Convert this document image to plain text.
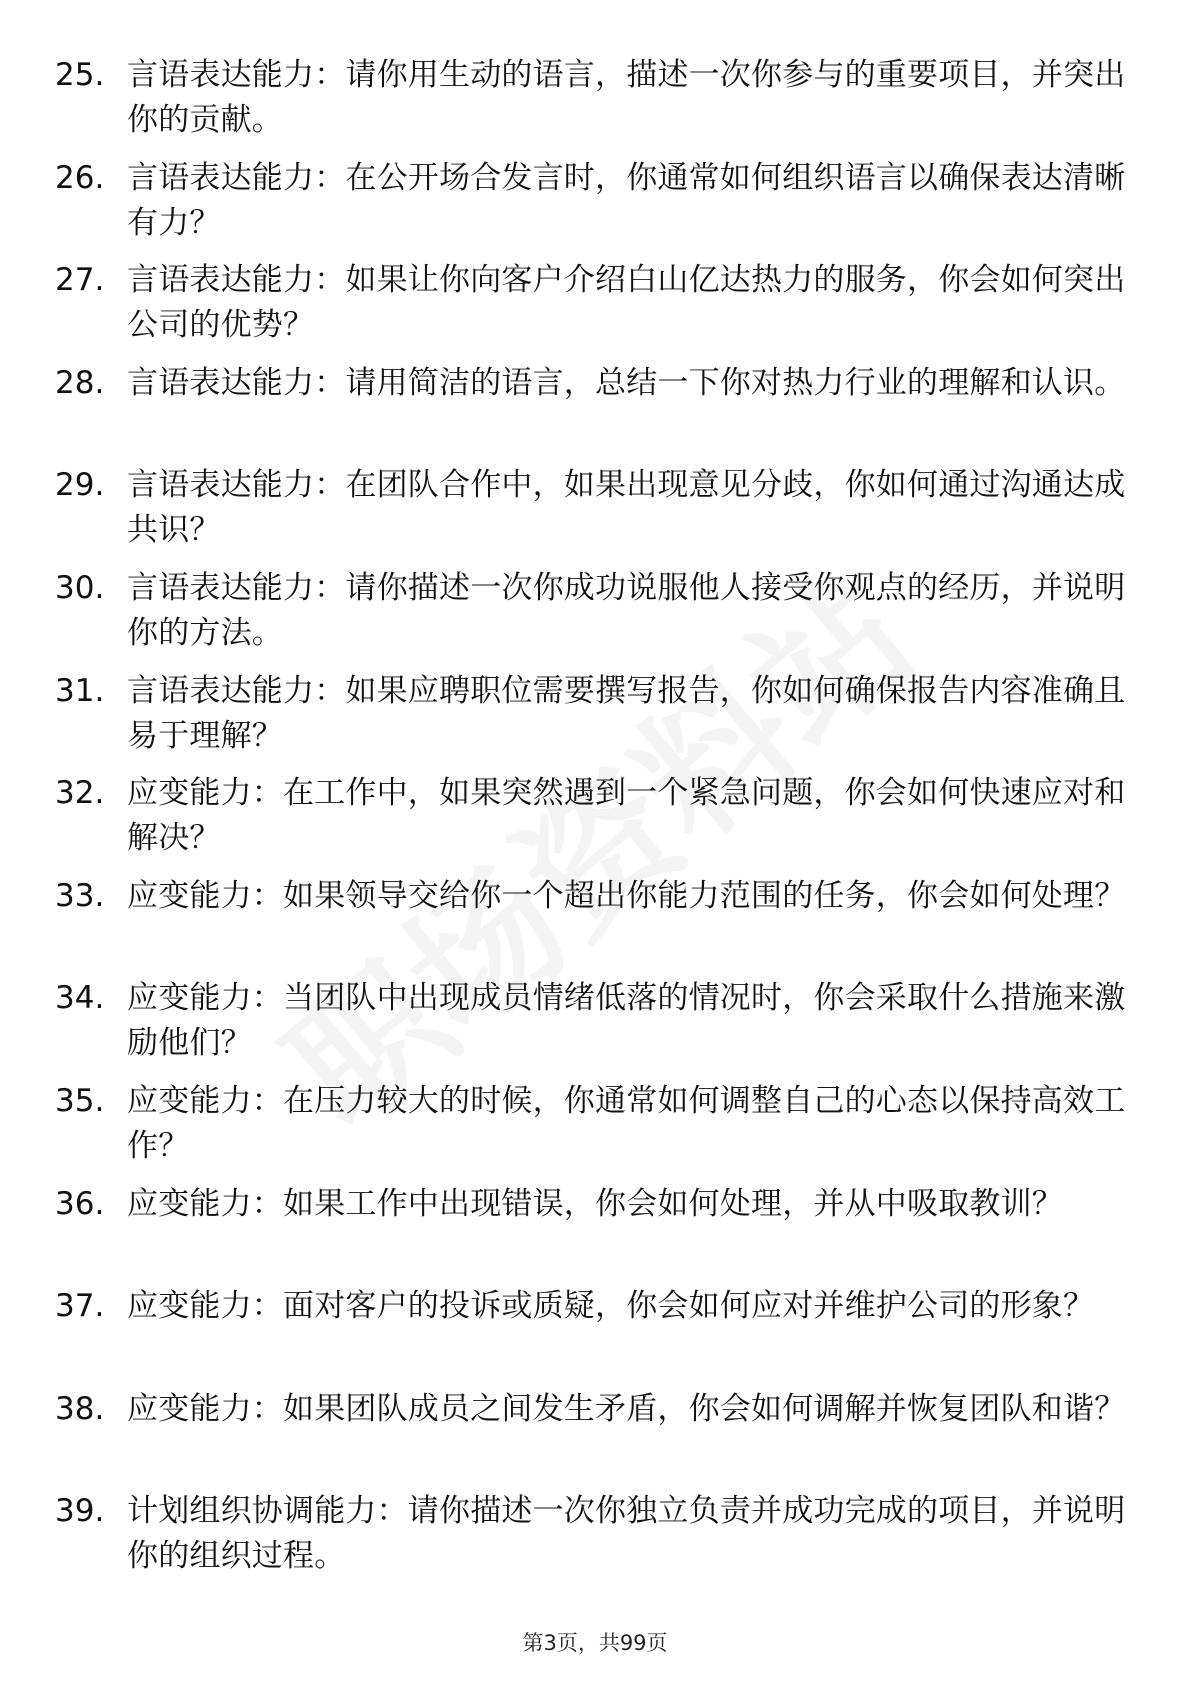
25. 言语表达能力：请你用生动的语言，描述一次你参与的重要项目，并突出你的贡献。
26. 言语表达能力：在公开场合发言时，你通常如何组织语言以确保表达清晰有力？
27. 言语表达能力：如果让你向客户介绍白山亿达热力的服务，你会如何突出公司的优势？
28. 言语表达能力：请用简洁的语言，总结一下你对热力行业的理解和认识。
29. 言语表达能力：在团队合作中，如果出现意见分歧，你如何通过沟通达成共识？
30. 言语表达能力：请你描述一次你成功说服他人接受你观点的经历，并说明你的方法。
31. 言语表达能力：如果应聘职位需要撰写报告，你如何确保报告内容准确且易于理解？
32. 应变能力：在工作中，如果突然遇到一个紧急问题，你会如何快速应对和解决？
33. 应变能力：如果领导交给你一个超出你能力范围的任务，你会如何处理？
34. 应变能力：当团队中出现成员情绪低落的情况时，你会采取什么措施来激励他们？
35. 应变能力：在压力较大的时候，你通常如何调整自己的心态以保持高效工作？
36. 应变能力：如果工作中出现错误，你会如何处理，并从中吸取教训？
37. 应变能力：面对客户的投诉或质疑，你会如何应对并维护公司的形象？
38. 应变能力：如果团队成员之间发生矛盾，你会如何调解并恢复团队和谐？
39. 计划组织协调能力：请你描述一次你独立负责并成功完成的项目，并说明你的组织过程。
第3页，共99页
